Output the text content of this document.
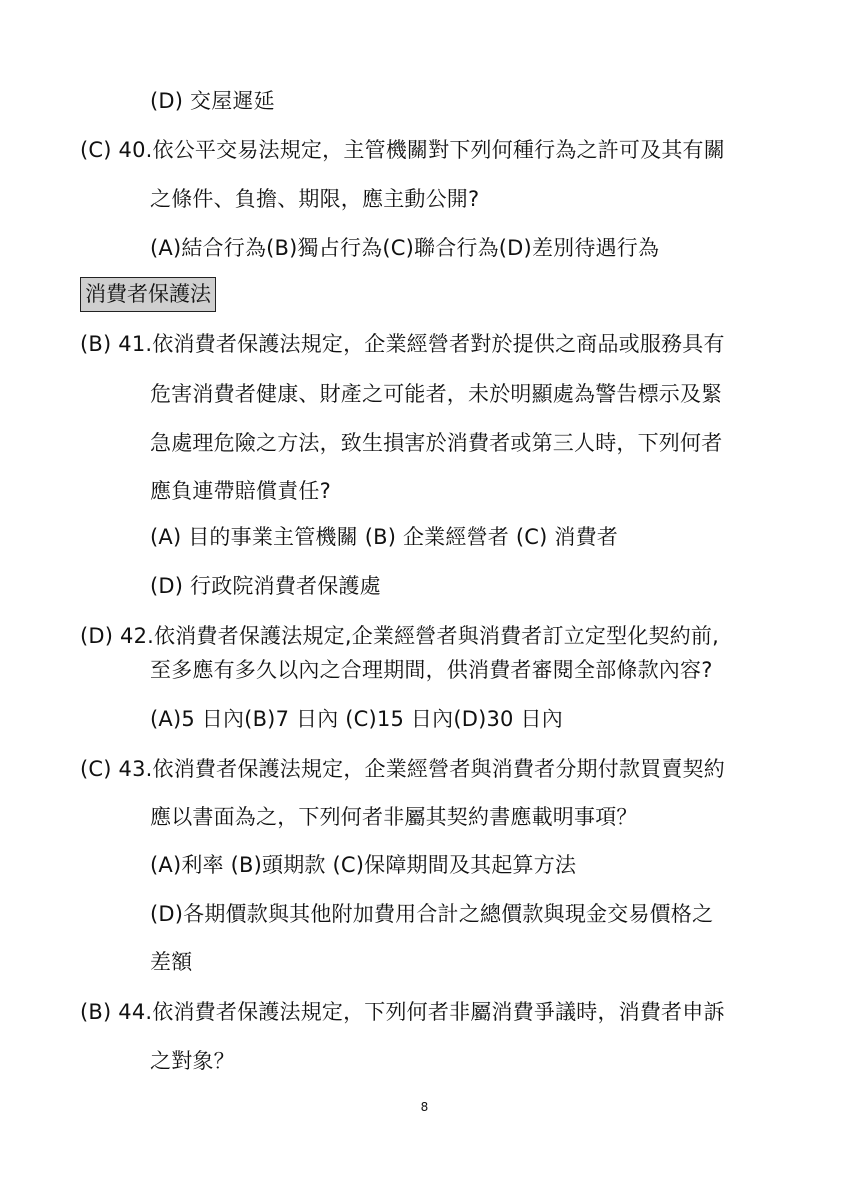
(D) 交屋遲延
(C) 40.依公平交易法規定，主管機關對下列何種行為之許可及其有關
之條件、負擔、期限，應主動公開?
(A)結合行為(B)獨占行為(C)聯合行為(D)差別待遇行為
消費者保護法
(B) 41.依消費者保護法規定，企業經營者對於提供之商品或服務具有
危害消費者健康、財產之可能者，未於明顯處為警告標示及緊
急處理危險之方法，致生損害於消費者或第三人時，下列何者
應負連帶賠償責任?
(A) 目的事業主管機關 (B) 企業經營者 (C) 消費者
(D) 行政院消費者保護處
(D) 42.依消費者保護法規定,企業經營者與消費者訂立定型化契約前,
至多應有多久以內之合理期間，供消費者審閱全部條款內容?
(A)5 日內(B)7 日內 (C)15 日內(D)30 日內
(C) 43.依消費者保護法規定，企業經營者與消費者分期付款買賣契約
應以書面為之，下列何者非屬其契約書應載明事項？
(A)利率 (B)頭期款 (C)保障期間及其起算方法
(D)各期價款與其他附加費用合計之總價款與現金交易價格之
差額
(B) 44.依消費者保護法規定，下列何者非屬消費爭議時，消費者申訴
之對象？
8
